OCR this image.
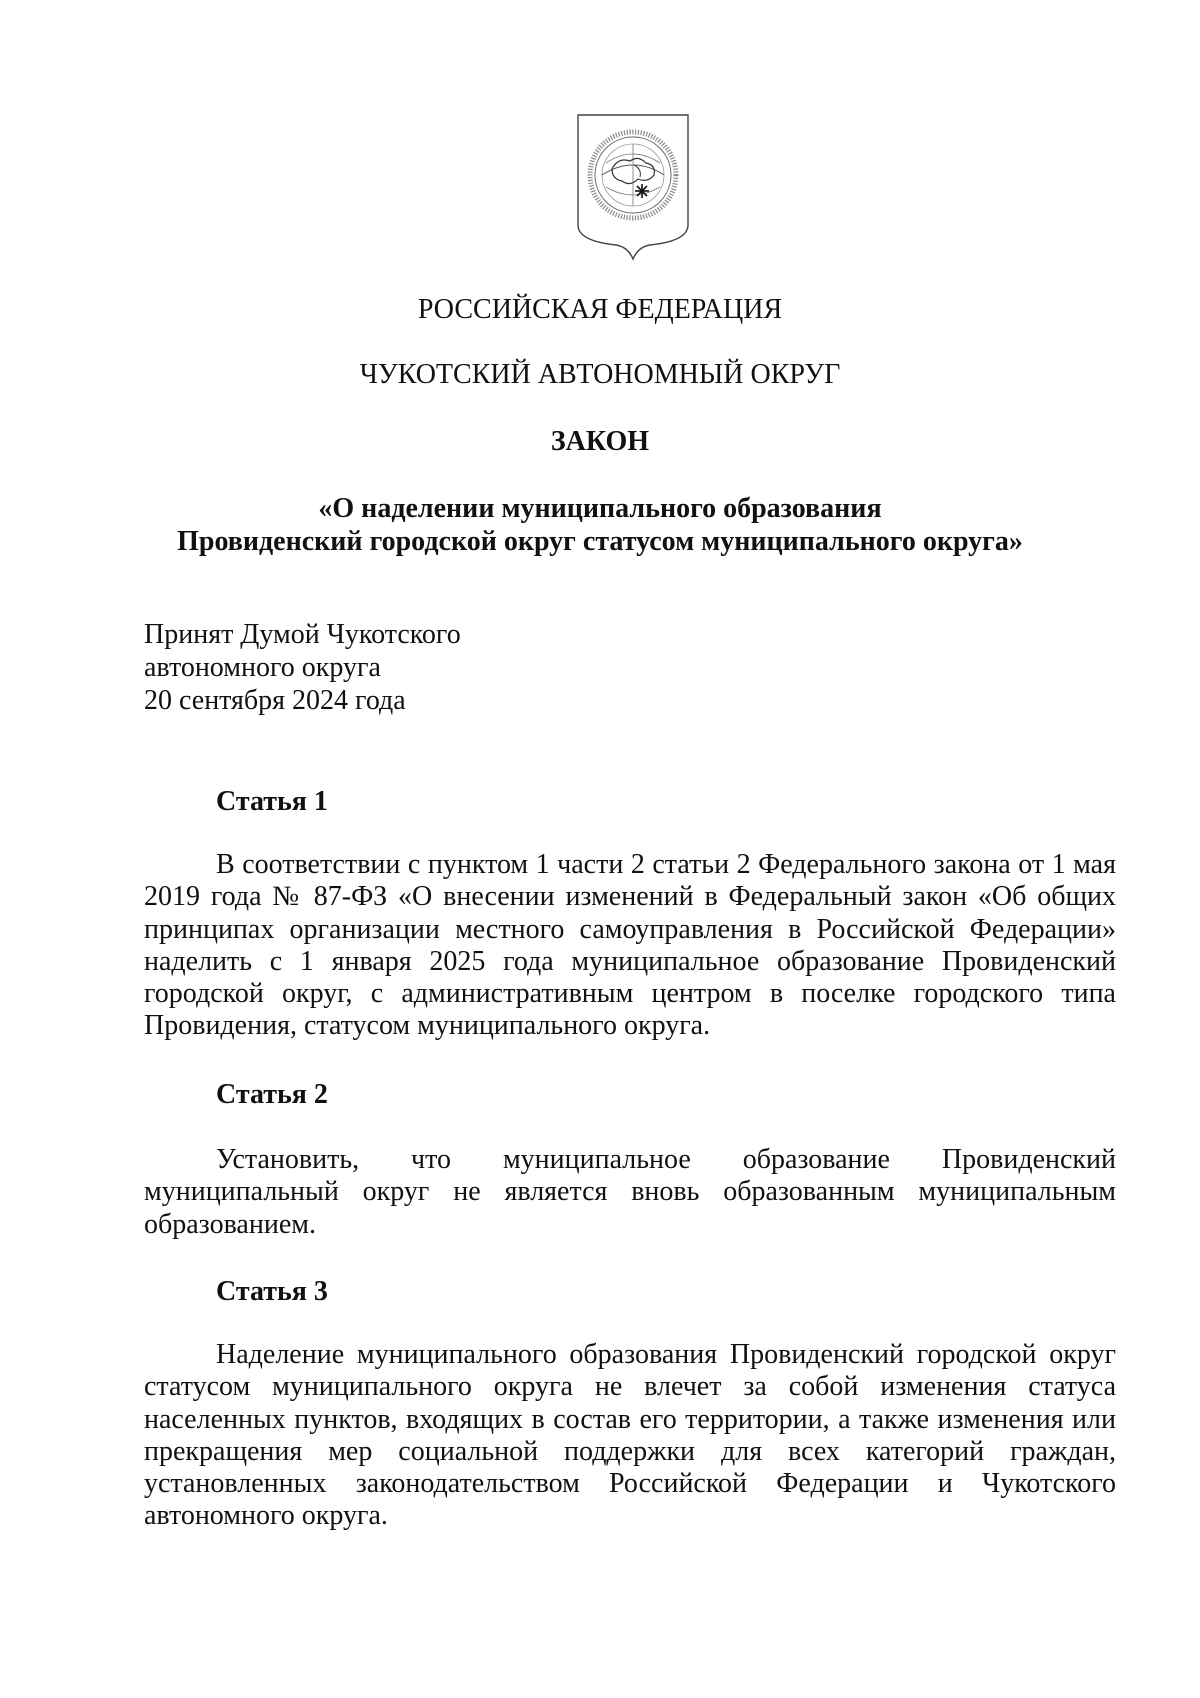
РОССИЙСКАЯ ФЕДЕРАЦИЯ
ЧУКОТСКИЙ АВТОНОМНЫЙ ОКРУГ
ЗАКОН
«О наделении муниципального образования
Провиденский городской округ статусом муниципального округа»
Принят Думой Чукотского
автономного округа
20 сентября 2024 года
Статья 1

В соответствии с пунктом 1 части 2 статьи 2 Федерального закона от 1 мая 2019 года № 87-ФЗ «О внесении изменений в Федеральный закон «Об общих принципах организации местного самоуправления в Российской Федерации» наделить с 1 января 2025 года муниципальное образование Провиденский городской округ, с административным центром в поселке городского типа Провидения, статусом муниципального округа.

Статья 2

Установить, что муниципальное образование Провиденский муниципальный округ не является вновь образованным муниципальным образованием.

Статья 3

Наделение муниципального образования Провиденский городской округ статусом муниципального округа не влечет за собой изменения статуса населенных пунктов, входящих в состав его территории, а также изменения или прекращения мер социальной поддержки для всех категорий граждан, установленных законодательством Российской Федерации и Чукотского автономного округа.
